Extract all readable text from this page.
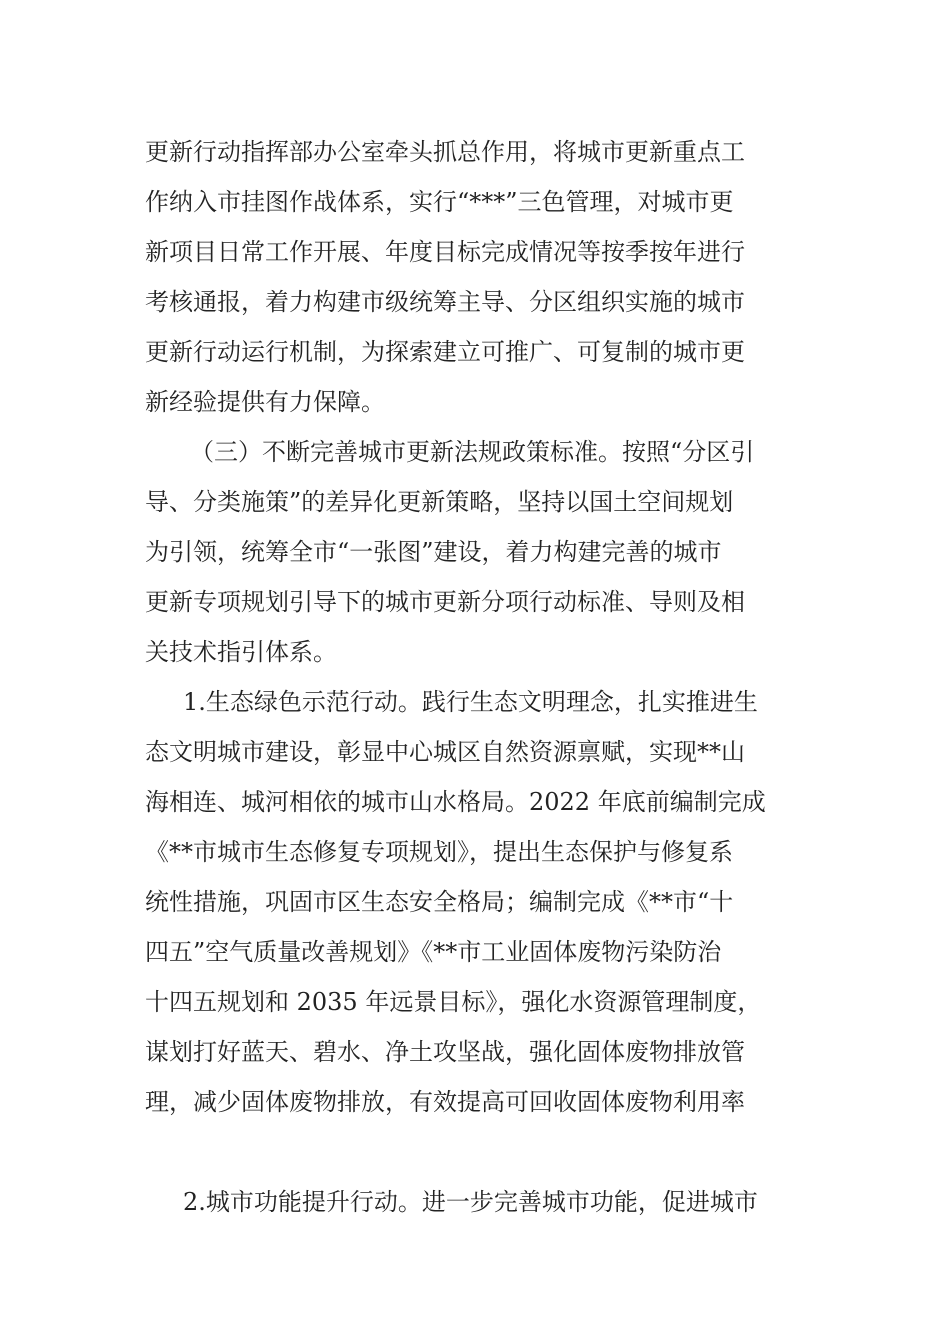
更新行动指挥部办公室牵头抓总作用，将城市更新重点工

作纳入市挂图作战体系，实行“***”三色管理，对城市更

新项目日常工作开展、年度目标完成情况等按季按年进行

考核通报，着力构建市级统筹主导、分区组织实施的城市

更新行动运行机制，为探索建立可推广、可复制的城市更

新经验提供有力保障。

（三）不断完善城市更新法规政策标准。按照“分区引

导、分类施策”的差异化更新策略，坚持以国土空间规划

为引领，统筹全市“一张图”建设，着力构建完善的城市

更新专项规划引导下的城市更新分项行动标准、导则及相

关技术指引体系。

1.生态绿色示范行动。践行生态文明理念，扎实推进生

态文明城市建设，彰显中心城区自然资源禀赋，实现**山

海相连、城河相依的城市山水格局。2022 年底前编制完成

《**市城市生态修复专项规划》，提出生态保护与修复系

统性措施，巩固市区生态安全格局；编制完成《**市“十

四五”空气质量改善规划》《**市工业固体废物污染防治

十四五规划和 2035 年远景目标》，强化水资源管理制度，

谋划打好蓝天、碧水、净土攻坚战，强化固体废物排放管

理，减少固体废物排放，有效提高可回收固体废物利用率

2.城市功能提升行动。进一步完善城市功能，促进城市
